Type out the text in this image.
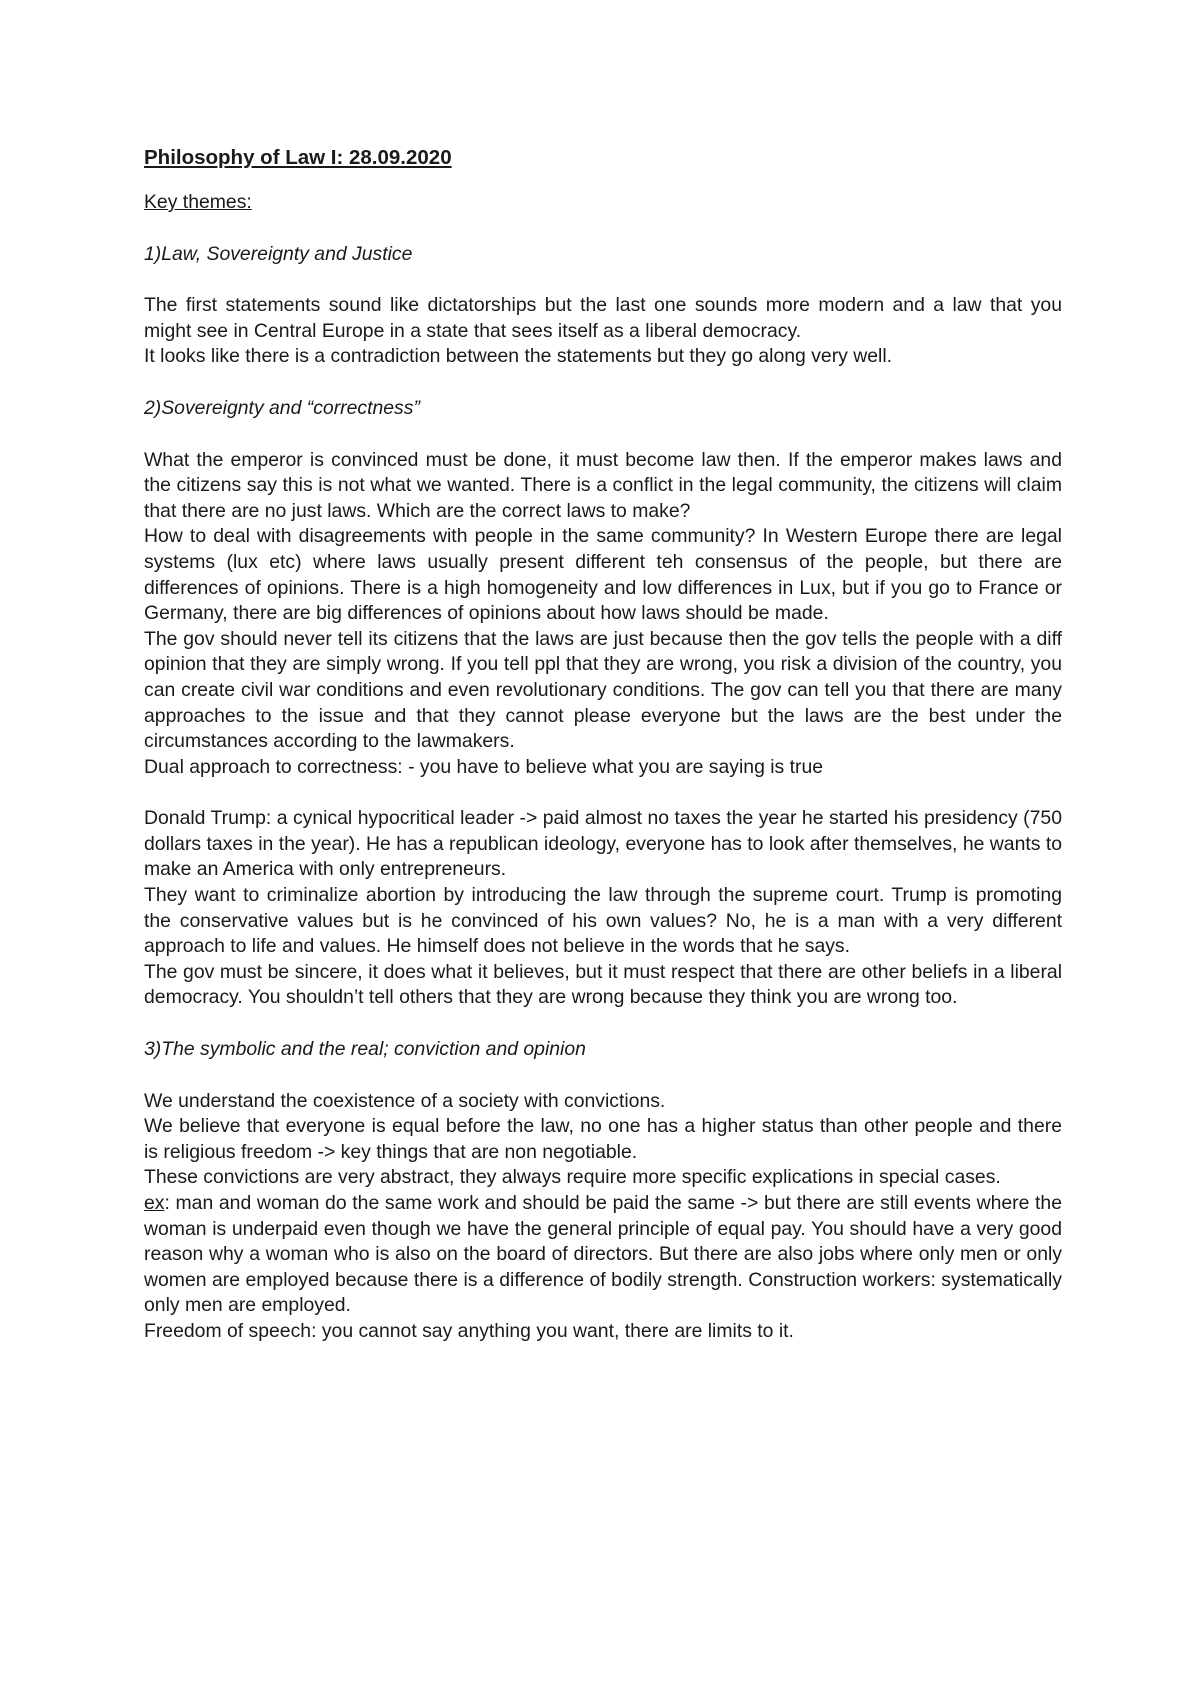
Philosophy of Law I: 28.09.2020
Key themes:
1)Law, Sovereignty and Justice

The first statements sound like dictatorships but the last one sounds more modern and a law that you might see in Central Europe in a state that sees itself as a liberal democracy.

It looks like there is a contradiction between the statements but they go along very well.

2)Sovereignty and “correctness”

What the emperor is convinced must be done, it must become law then. If the emperor makes laws and the citizens say this is not what we wanted. There is a conflict in the legal community, the citizens will claim that there are no just laws. Which are the correct laws to make?

How to deal with disagreements with people in the same community? In Western Europe there are legal systems (lux etc) where laws usually present different teh consensus of the people, but there are differences of opinions. There is a high homogeneity and low differences in Lux, but if you go to France or Germany, there are big differences of opinions about how laws should be made.

The gov should never tell its citizens that the laws are just because then the gov tells the people with a diff opinion that they are simply wrong. If you tell ppl that they are wrong, you risk a division of the country, you can create civil war conditions and even revolutionary conditions. The gov can tell you that there are many approaches to the issue and that they cannot please everyone but the laws are the best under the circumstances according to the lawmakers.

Dual approach to correctness: - you have to believe what you are saying is true

Donald Trump: a cynical hypocritical leader -> paid almost no taxes the year he started his presidency (750 dollars taxes in the year). He has a republican ideology, everyone has to look after themselves, he wants to make an America with only entrepreneurs.

They want to criminalize abortion by introducing the law through the supreme court. Trump is promoting the conservative values but is he convinced of his own values? No, he is a man with a very different approach to life and values. He himself does not believe in the words that he says.

The gov must be sincere, it does what it believes, but it must respect that there are other beliefs in a liberal democracy. You shouldn’t tell others that they are wrong because they think you are wrong too.

3)The symbolic and the real; conviction and opinion

We understand the coexistence of a society with convictions.

We believe that everyone is equal before the law, no one has a higher status than other people and there is religious freedom -> key things that are non negotiable.

These convictions are very abstract, they always require more specific explications in special cases.

ex: man and woman do the same work and should be paid the same -> but there are still events where the woman is underpaid even though we have the general principle of equal pay. You should have a very good reason why a woman who is also on the board of directors. But there are also jobs where only men or only women are employed because there is a difference of bodily strength. Construction workers: systematically only men are employed.

Freedom of speech: you cannot say anything you want, there are limits to it.
